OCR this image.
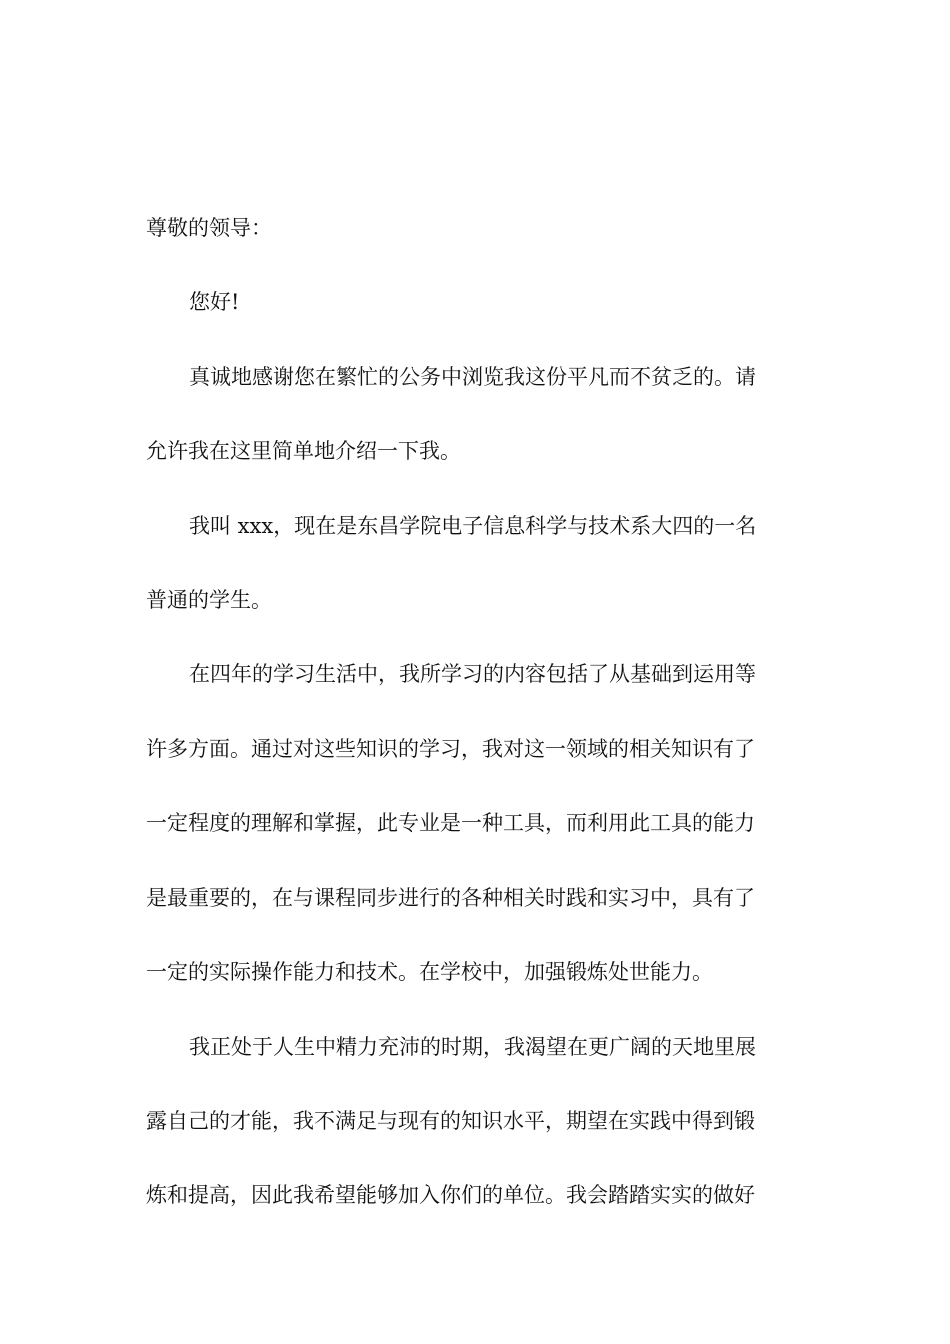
尊敬的领导：

您好!

真诚地感谢您在繁忙的公务中浏览我这份平凡而不贫乏的。请

允许我在这里简单地介绍一下我。

我叫 xxx，现在是东昌学院电子信息科学与技术系大四的一名

普通的学生。

在四年的学习生活中，我所学习的内容包括了从基础到运用等

许多方面。通过对这些知识的学习，我对这一领域的相关知识有了

一定程度的理解和掌握，此专业是一种工具，而利用此工具的能力

是最重要的，在与课程同步进行的各种相关时践和实习中，具有了

一定的实际操作能力和技术。在学校中，加强锻炼处世能力。

我正处于人生中精力充沛的时期，我渴望在更广阔的天地里展

露自己的才能，我不满足与现有的知识水平，期望在实践中得到锻

炼和提高，因此我希望能够加入你们的单位。我会踏踏实实的做好
